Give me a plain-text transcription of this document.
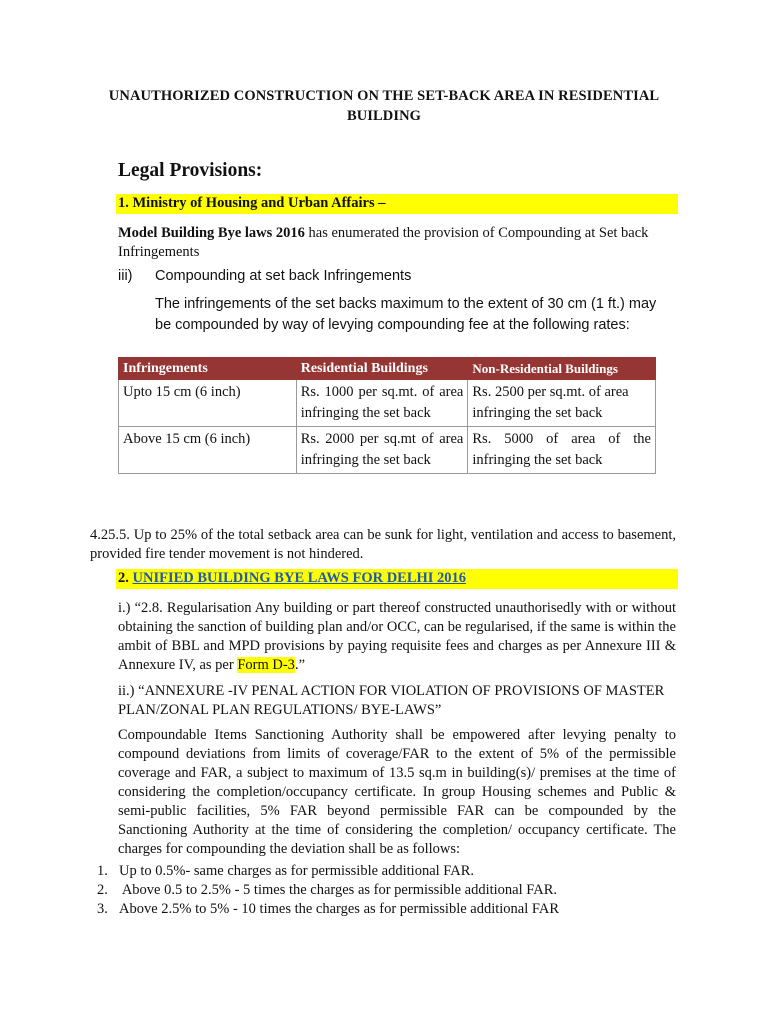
UNAUTHORIZED CONSTRUCTION ON THE SET-BACK AREA IN RESIDENTIAL BUILDING
Legal Provisions:
1. Ministry of Housing and Urban Affairs –
Model Building Bye laws 2016 has enumerated the provision of Compounding at Set back Infringements
iii) Compounding at set back Infringements
The infringements of the set backs maximum to the extent of 30 cm (1 ft.) may be compounded by way of levying compounding fee at the following rates:
Infringements	Residential Buildings	Non-Residential Buildings
Upto 15 cm (6 inch)	Rs. 1000 per sq.mt. of area infringing the set back	Rs. 2500 per sq.mt. of area infringing the set back
Above 15 cm (6 inch)	Rs. 2000 per sq.mt of area infringing the set back	Rs. 5000 of area of the infringing the set back
4.25.5. Up to 25% of the total setback area can be sunk for light, ventilation and access to basement, provided fire tender movement is not hindered.
2. UNIFIED BUILDING BYE LAWS FOR DELHI 2016
i.) “2.8. Regularisation Any building or part thereof constructed unauthorisedly with or without obtaining the sanction of building plan and/or OCC, can be regularised, if the same is within the ambit of BBL and MPD provisions by paying requisite fees and charges as per Annexure III & Annexure IV, as per Form D-3.”
ii.) “ANNEXURE -IV PENAL ACTION FOR VIOLATION OF PROVISIONS OF MASTER PLAN/ZONAL PLAN REGULATIONS/ BYE-LAWS”
Compoundable Items Sanctioning Authority shall be empowered after levying penalty to compound deviations from limits of coverage/FAR to the extent of 5% of the permissible coverage and FAR, a subject to maximum of 13.5 sq.m in building(s)/ premises at the time of considering the completion/occupancy certificate. In group Housing schemes and Public & semi-public facilities, 5% FAR beyond permissible FAR can be compounded by the Sanctioning Authority at the time of considering the completion/ occupancy certificate. The charges for compounding the deviation shall be as follows:
1. Up to 0.5%- same charges as for permissible additional FAR.
2. Above 0.5 to 2.5% - 5 times the charges as for permissible additional FAR.
3. Above 2.5% to 5% - 10 times the charges as for permissible additional FAR
